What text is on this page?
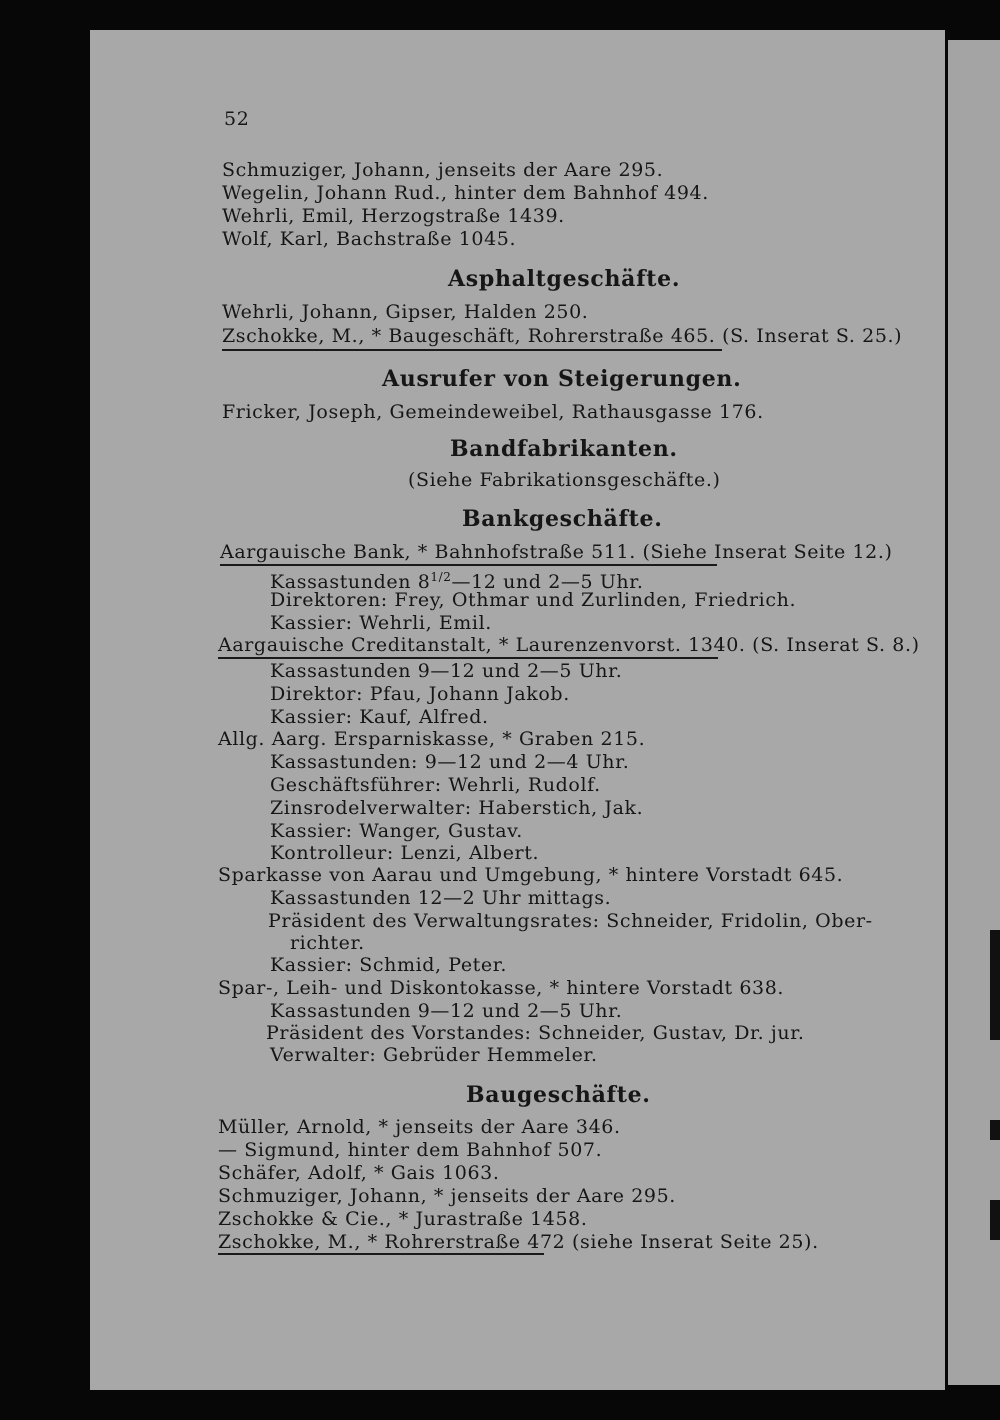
52
Schmuziger, Johann, jenseits der Aare 295.
Wegelin, Johann Rud., hinter dem Bahnhof 494.
Wehrli, Emil, Herzogstraße 1439.
Wolf, Karl, Bachstraße 1045.
Asphaltgeschäfte.
Wehrli, Johann, Gipser, Halden 250.
Zschokke, M., * Baugeschäft, Rohrerstraße 465. (S. Inserat S. 25.)
Ausrufer von Steigerungen.
Fricker, Joseph, Gemeindeweibel, Rathausgasse 176.
Bandfabrikanten.
(Siehe Fabrikationsgeschäfte.)
Bankgeschäfte.
Aargauische Bank, * Bahnhofstraße 511. (Siehe Inserat Seite 12.)
Kassastunden $8^{1/2}—12$ und 2—5 Uhr.
Direktoren: Frey, Othmar und Zurlinden, Friedrich.
Kassier: Wehrli, Emil.
Aargauische Creditanstalt, * Laurenzenvorst. 1340. (S. Inserat S. 8.)
Kassastunden 9—12 und 2—5 Uhr.
Direktor: Pfau, Johann Jakob.
Kassier: Kauf, Alfred.
Allg. Aarg. Ersparniskasse, * Graben 215.
Kassastunden: 9—12 und 2—4 Uhr.
Geschäftsführer: Wehrli, Rudolf.
Zinsrodelverwalter: Haberstich, Jak.
Kassier: Wanger, Gustav.
Kontrolleur: Lenzi, Albert.
Sparkasse von Aarau und Umgebung, * hintere Vorstadt 645.
Kassastunden 12—2 Uhr mittags.
Präsident des Verwaltungsrates: Schneider, Fridolin, Ober-
richter.
Kassier: Schmid, Peter.
Spar-, Leih- und Diskontokasse, * hintere Vorstadt 638.
Kassastunden 9—12 und 2—5 Uhr.
Präsident des Vorstandes: Schneider, Gustav, Dr. jur.
Verwalter: Gebrüder Hemmeler.
Baugeschäfte.
Müller, Arnold, * jenseits der Aare 346.
— Sigmund, hinter dem Bahnhof 507.
Schäfer, Adolf, * Gais 1063.
Schmuziger, Johann, * jenseits der Aare 295.
Zschokke & Cie., * Jurastraße 1458.
Zschokke, M., * Rohrerstraße 472 (siehe Inserat Seite 25).
